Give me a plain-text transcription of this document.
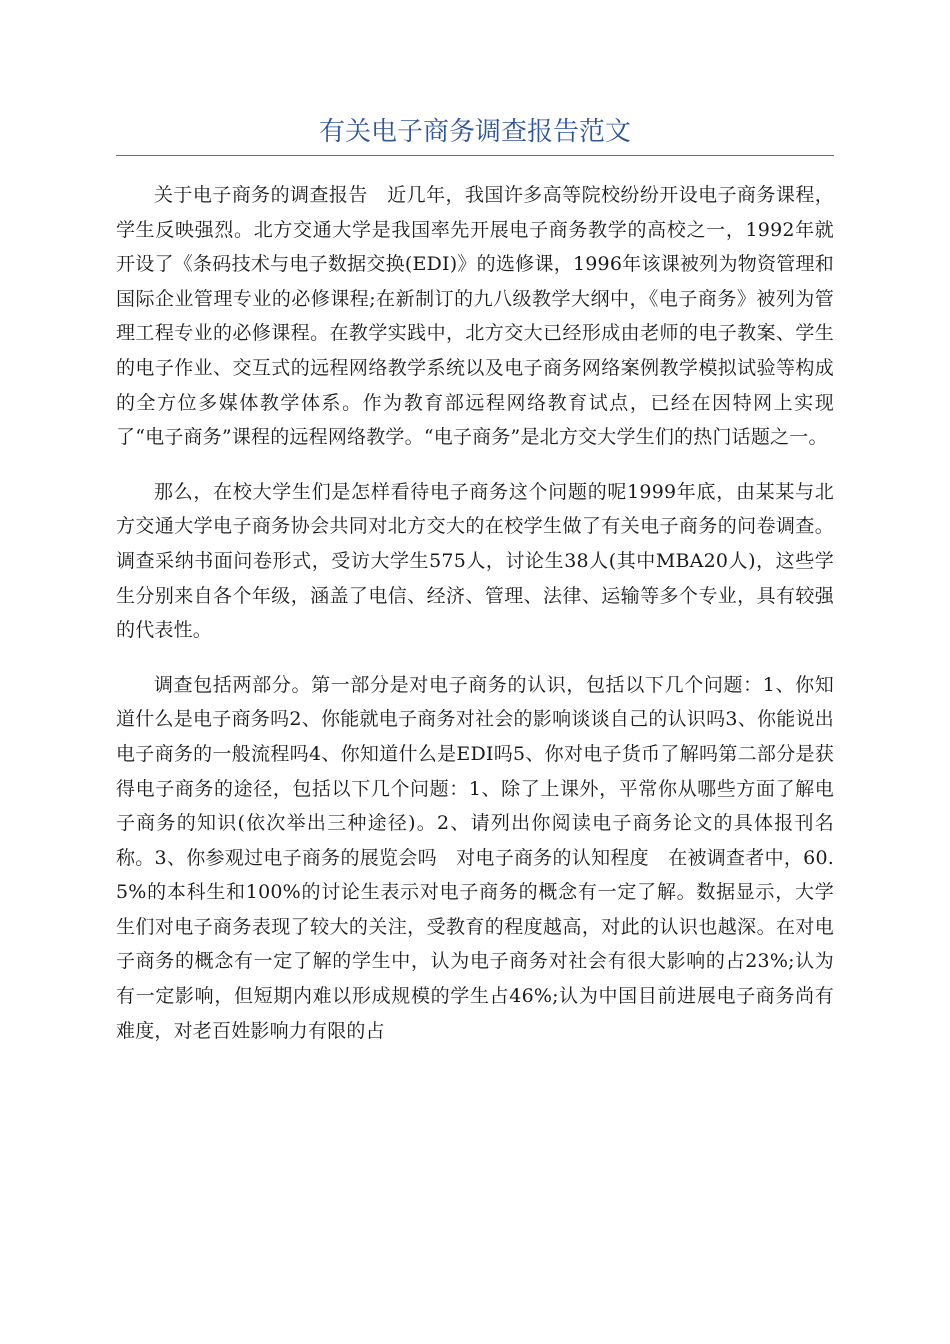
有关电子商务调查报告范文

关于电子商务的调查报告　近几年，我国许多高等院校纷纷开设电子商务课程，学生反映强烈。北方交通大学是我国率先开展电子商务教学的高校之一，1992年就开设了《条码技术与电子数据交换(EDI)》的选修课，1996年该课被列为物资管理和国际企业管理专业的必修课程;在新制订的九八级教学大纲中，《电子商务》被列为管理工程专业的必修课程。在教学实践中，北方交大已经形成由老师的电子教案、学生的电子作业、交互式的远程网络教学系统以及电子商务网络案例教学模拟试验等构成的全方位多媒体教学体系。作为教育部远程网络教育试点，已经在因特网上实现了“电子商务”课程的远程网络教学。“电子商务”是北方交大学生们的热门话题之一。

那么，在校大学生们是怎样看待电子商务这个问题的呢1999年底，由某某与北方交通大学电子商务协会共同对北方交大的在校学生做了有关电子商务的问卷调查。调查采纳书面问卷形式，受访大学生575人，讨论生38人(其中MBA20人)，这些学生分别来自各个年级，涵盖了电信、经济、管理、法律、运输等多个专业，具有较强的代表性。

调查包括两部分。第一部分是对电子商务的认识，包括以下几个问题：1、你知道什么是电子商务吗2、你能就电子商务对社会的影响谈谈自己的认识吗3、你能说出电子商务的一般流程吗4、你知道什么是EDI吗5、你对电子货币了解吗第二部分是获得电子商务的途径，包括以下几个问题：1、除了上课外，平常你从哪些方面了解电子商务的知识(依次举出三种途径)。2、请列出你阅读电子商务论文的具体报刊名称。3、你参观过电子商务的展览会吗　对电子商务的认知程度　在被调查者中，60.5%的本科生和100%的讨论生表示对电子商务的概念有一定了解。数据显示，大学生们对电子商务表现了较大的关注，受教育的程度越高，对此的认识也越深。在对电子商务的概念有一定了解的学生中，认为电子商务对社会有很大影响的占23%;认为有一定影响，但短期内难以形成规模的学生占46%;认为中国目前进展电子商务尚有难度，对老百姓影响力有限的占
